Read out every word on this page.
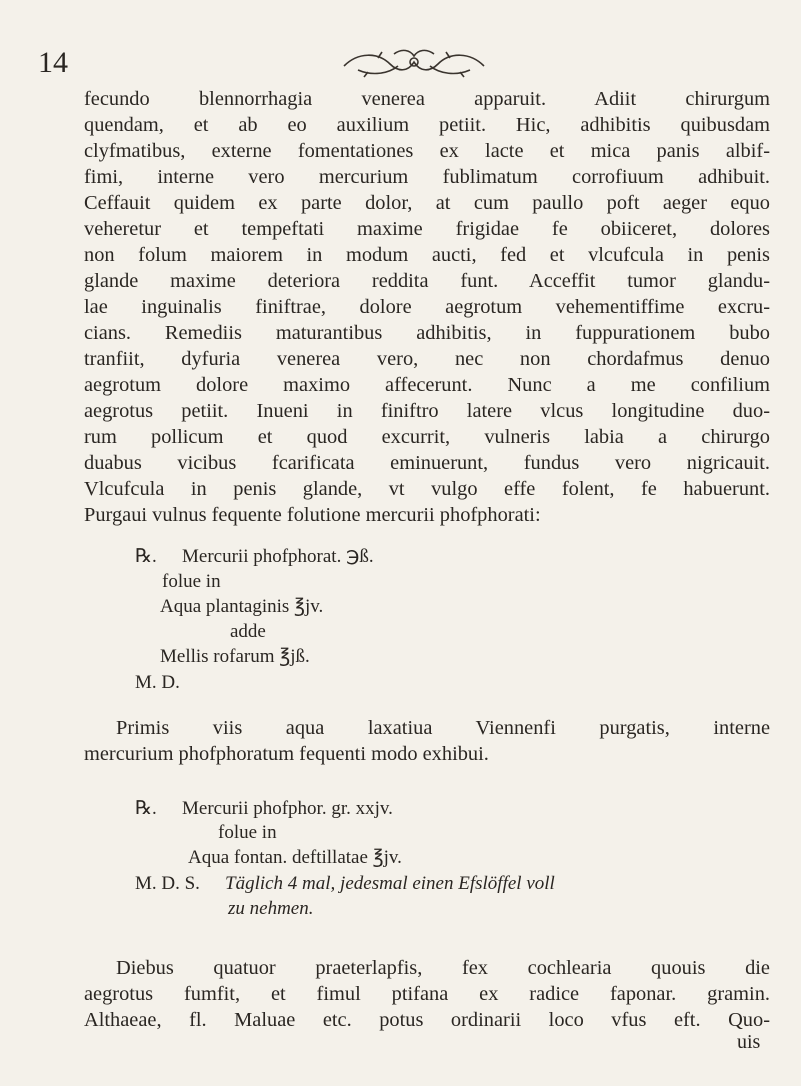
14
fecundo blennorrhagia venerea apparuit. Adiit chirurgum
quendam, et ab eo auxilium petiit. Hic, adhibitis quibusdam
clyfmatibus, externe fomentationes ex lacte et mica panis albif-
fimi, interne vero mercurium fublimatum corrofiuum adhibuit.
Ceffauit quidem ex parte dolor, at cum paullo poft aeger equo
veheretur et tempeftati maxime frigidae fe obiiceret, dolores
non folum maiorem in modum aucti, fed et vlcufcula in penis
glande maxime deteriora reddita funt. Acceffit tumor glandu-
lae inguinalis finiftrae, dolore aegrotum vehementiffime excru-
cians. Remediis maturantibus adhibitis, in fuppurationem bubo
tranfiit, dyfuria venerea vero, nec non chordafmus denuo
aegrotum dolore maximo affecerunt. Nunc a me confilium
aegrotus petiit. Inueni in finiftro latere vlcus longitudine duo-
rum pollicum et quod excurrit, vulneris labia a chirurgo
duabus vicibus fcarificata eminuerunt, fundus vero nigricauit.
Vlcufcula in penis glande, vt vulgo effe folent, fe habuerunt.
Purgaui vulnus fequente folutione mercurii phofphorati:
℞. Mercurii phofphorat. ℈ß.
folue in
Aqua plantaginis ℥jv.
adde
Mellis rofarum ℥jß.
M. D.
Primis viis aqua laxatiua Viennenfi purgatis, interne
mercurium phofphoratum fequenti modo exhibui.
℞. Mercurii phofphor. gr. xxjv.
folue in
Aqua fontan. deftillatae ℥jv.
M. D. S. Täglich 4 mal, jedesmal einen Efslöffel voll
zu nehmen.
Diebus quatuor praeterlapfis, fex cochlearia quouis die
aegrotus fumfit, et fimul ptifana ex radice faponar. gramin.
Althaeae, fl. Maluae etc. potus ordinarii loco vfus eft. Quo-
uis
